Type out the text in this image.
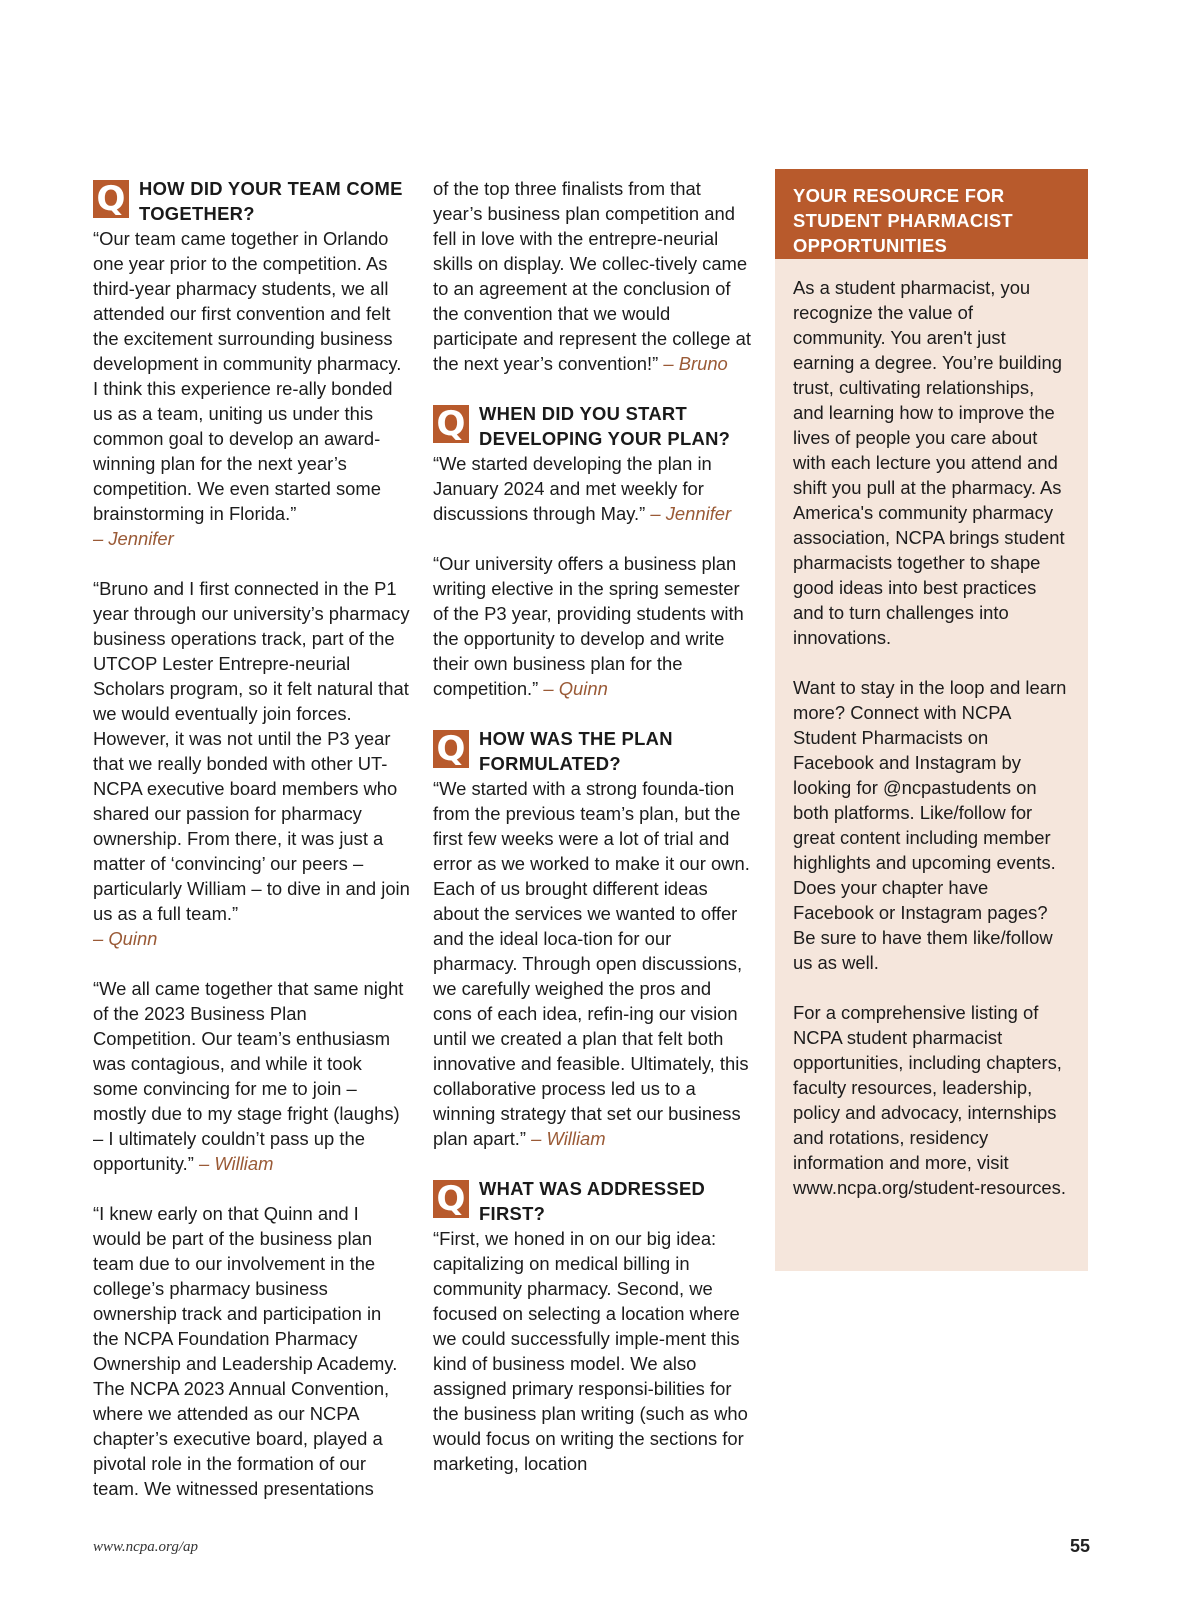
Q HOW DID YOUR TEAM COME TOGETHER?

“Our team came together in Orlando one year prior to the competition. As third-year pharmacy students, we all attended our first convention and felt the excitement surrounding business development in community pharmacy. I think this experience re-ally bonded us as a team, uniting us under this common goal to develop an award-winning plan for the next year’s competition. We even started some brainstorming in Florida.”
– Jennifer

“Bruno and I first connected in the P1 year through our university’s pharmacy business operations track, part of the UTCOP Lester Entrepre-neurial Scholars program, so it felt natural that we would eventually join forces. However, it was not until the P3 year that we really bonded with other UT-NCPA executive board members who shared our passion for pharmacy ownership. From there, it was just a matter of ‘convincing’ our peers – particularly William – to dive in and join us as a full team.”
– Quinn

“We all came together that same night of the 2023 Business Plan Competition. Our team’s enthusiasm was contagious, and while it took some convincing for me to join – mostly due to my stage fright (laughs) – I ultimately couldn’t pass up the opportunity.” – William

“I knew early on that Quinn and I would be part of the business plan team due to our involvement in the college’s pharmacy business ownership track and participation in the NCPA Foundation Pharmacy Ownership and Leadership Academy. The NCPA 2023 Annual Convention, where we attended as our NCPA chapter’s executive board, played a pivotal role in the formation of our team. We witnessed presentations

of the top three finalists from that year’s business plan competition and fell in love with the entrepre-neurial skills on display. We collec-tively came to an agreement at the conclusion of the convention that we would participate and represent the college at the next year’s convention!” – Bruno

Q WHEN DID YOU START DEVELOPING YOUR PLAN?

“We started developing the plan in January 2024 and met weekly for discussions through May.” – Jennifer

“Our university offers a business plan writing elective in the spring semester of the P3 year, providing students with the opportunity to develop and write their own business plan for the competition.” – Quinn

Q HOW WAS THE PLAN FORMULATED?

“We started with a strong founda-tion from the previous team’s plan, but the first few weeks were a lot of trial and error as we worked to make it our own. Each of us brought different ideas about the services we wanted to offer and the ideal loca-tion for our pharmacy. Through open discussions, we carefully weighed the pros and cons of each idea, refin-ing our vision until we created a plan that felt both innovative and feasible. Ultimately, this collaborative process led us to a winning strategy that set our business plan apart.” – William

Q WHAT WAS ADDRESSED FIRST?

“First, we honed in on our big idea: capitalizing on medical billing in community pharmacy. Second, we focused on selecting a location where we could successfully imple-ment this kind of business model. We also assigned primary responsi-bilities for the business plan writing (such as who would focus on writing the sections for marketing, location

YOUR RESOURCE FOR STUDENT PHARMACIST OPPORTUNITIES

As a student pharmacist, you recognize the value of community. You aren't just earning a degree. You’re building trust, cultivating relationships, and learning how to improve the lives of people you care about with each lecture you attend and shift you pull at the pharmacy. As America's community pharmacy association, NCPA brings student pharmacists together to shape good ideas into best practices and to turn challenges into innovations.

Want to stay in the loop and learn more? Connect with NCPA Student Pharmacists on Facebook and Instagram by looking for @ncpastudents on both platforms. Like/follow for great content including member highlights and upcoming events. Does your chapter have Facebook or Instagram pages? Be sure to have them like/follow us as well.

For a comprehensive listing of NCPA student pharmacist opportunities, including chapters, faculty resources, leadership, policy and advocacy, internships and rotations, residency information and more, visit www.ncpa.org/student-resources.

www.ncpa.org/ap	55
